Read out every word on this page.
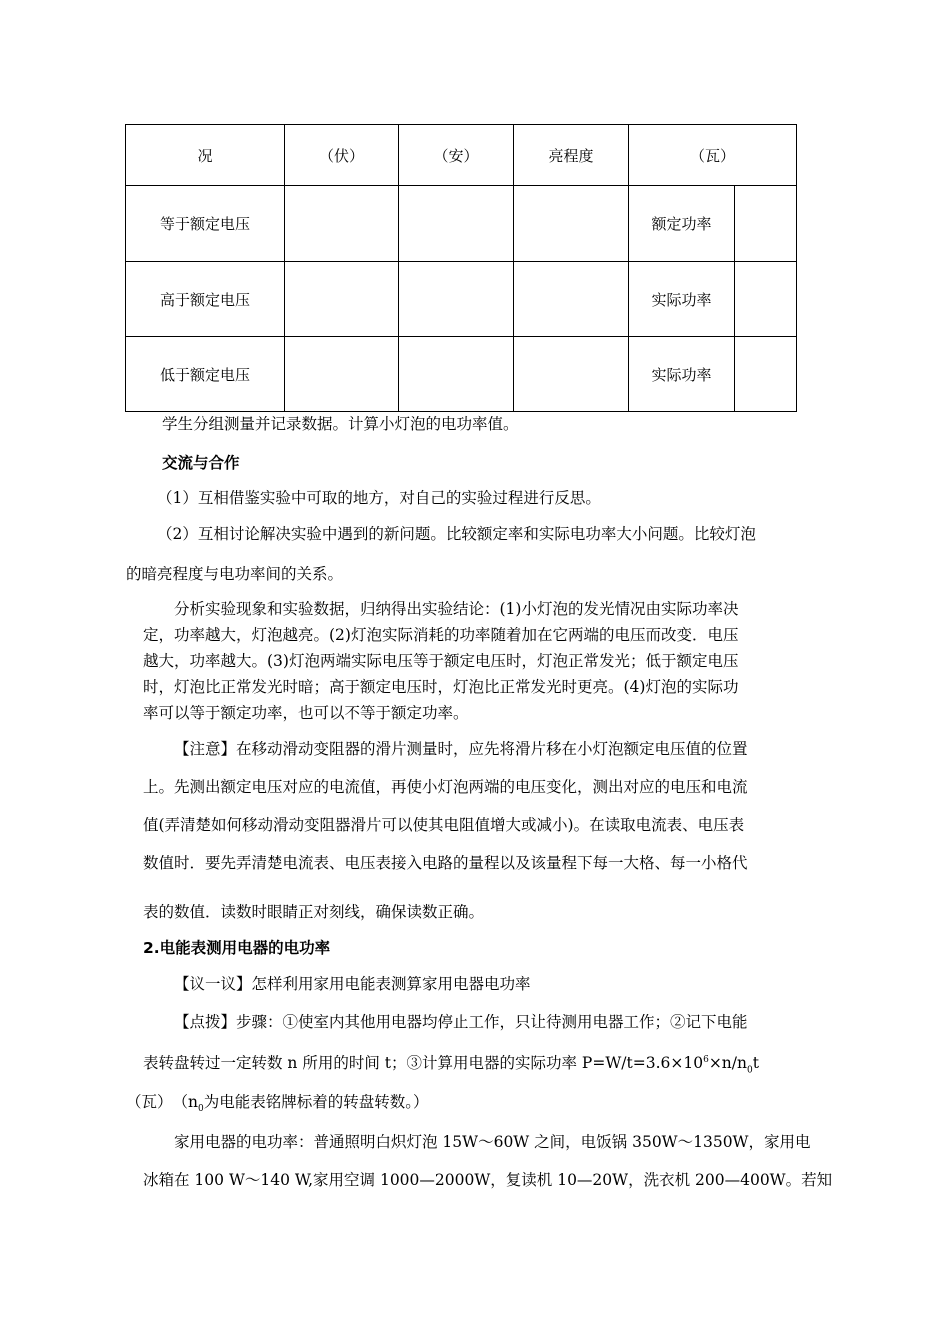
况	（伏）	（安）	亮程度	（瓦）	
等于额定电压				额定功率	
高于额定电压				实际功率	
低于额定电压				实际功率	
学生分组测量并记录数据。计算小灯泡的电功率值。
交流与合作
（1）互相借鉴实验中可取的地方，对自己的实验过程进行反思。
（2）互相讨论解决实验中遇到的新问题。比较额定率和实际电功率大小问题。比较灯泡
的暗亮程度与电功率间的关系。
分析实验现象和实验数据，归纳得出实验结论：(1)小灯泡的发光情况由实际功率决
定，功率越大，灯泡越亮。(2)灯泡实际消耗的功率随着加在它两端的电压而改变．电压
越大，功率越大。(3)灯泡两端实际电压等于额定电压时，灯泡正常发光；低于额定电压
时，灯泡比正常发光时暗；高于额定电压时，灯泡比正常发光时更亮。(4)灯泡的实际功
率可以等于额定功率，也可以不等于额定功率。
【注意】在移动滑动变阻器的滑片测量时，应先将滑片移在小灯泡额定电压值的位置
上。先测出额定电压对应的电流值，再使小灯泡两端的电压变化，测出对应的电压和电流
值(弄清楚如何移动滑动变阻器滑片可以使其电阻值增大或减小)。在读取电流表、电压表
数值时．要先弄清楚电流表、电压表接入电路的量程以及该量程下每一大格、每一小格代
表的数值．读数时眼睛正对刻线，确保读数正确。
2.电能表测用电器的电功率
【议一议】怎样利用家用电能表测算家用电器电功率
【点拨】步骤：①使室内其他用电器均停止工作，只让待测用电器工作；②记下电能
表转盘转过一定转数 n 所用的时间 t；③计算用电器的实际功率 $P=W/t=3.6\times 10^6\times n/n_0t$
（瓦）　（$n_0$为电能表铭牌标着的转盘转数。）
家用电器的电功率：普通照明白炽灯泡 15W～60W 之间，电饭锅 350W～1350W，家用电
冰箱在 100 W～140 W,家用空调 1000—2000W，复读机 10—20W，洗衣机 200—400W。若知
